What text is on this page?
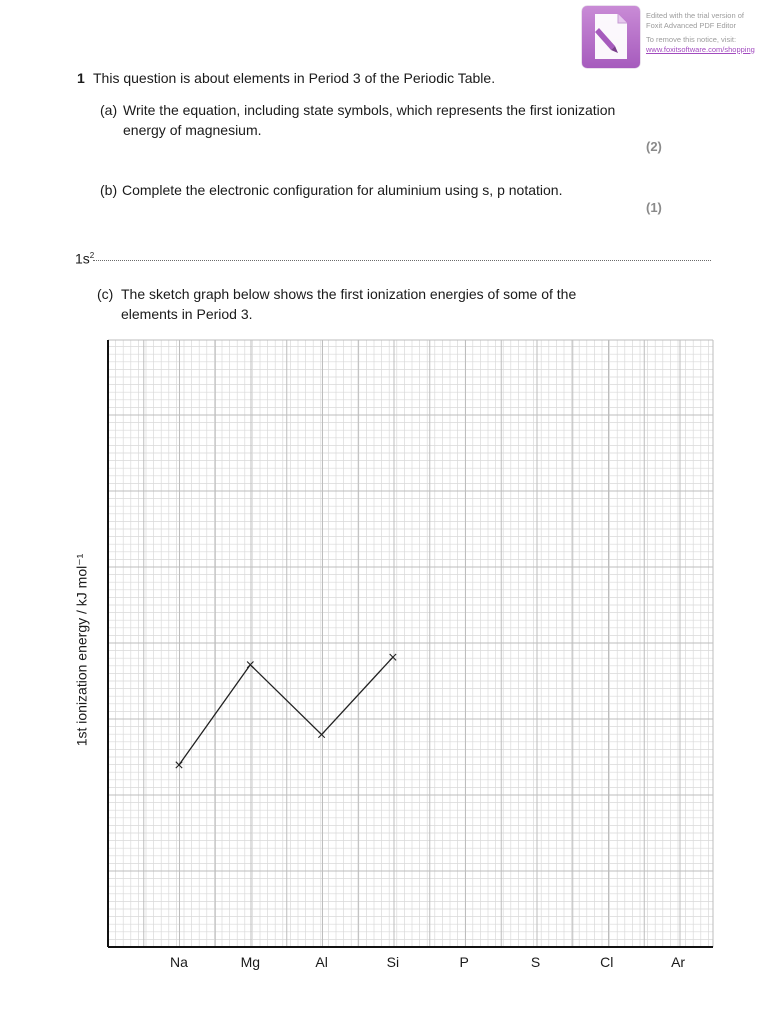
Edited with the trial version of
Foxit Advanced PDF Editor
To remove this notice, visit:
www.foxitsoftware.com/shopping
1 This question is about elements in Period 3 of the Periodic Table.
(a) Write the equation, including state symbols, which represents the first ionization
energy of magnesium.
(2)
(b) Complete the electronic configuration for aluminium using s, p notation.
(1)
$1s^2$
(c) The sketch graph below shows the first ionization energies of some of the
elements in Period 3.
1st ionization energy / kJ mol⁻¹
Na	Mg	Al	Si	P	S	Cl	Ar
